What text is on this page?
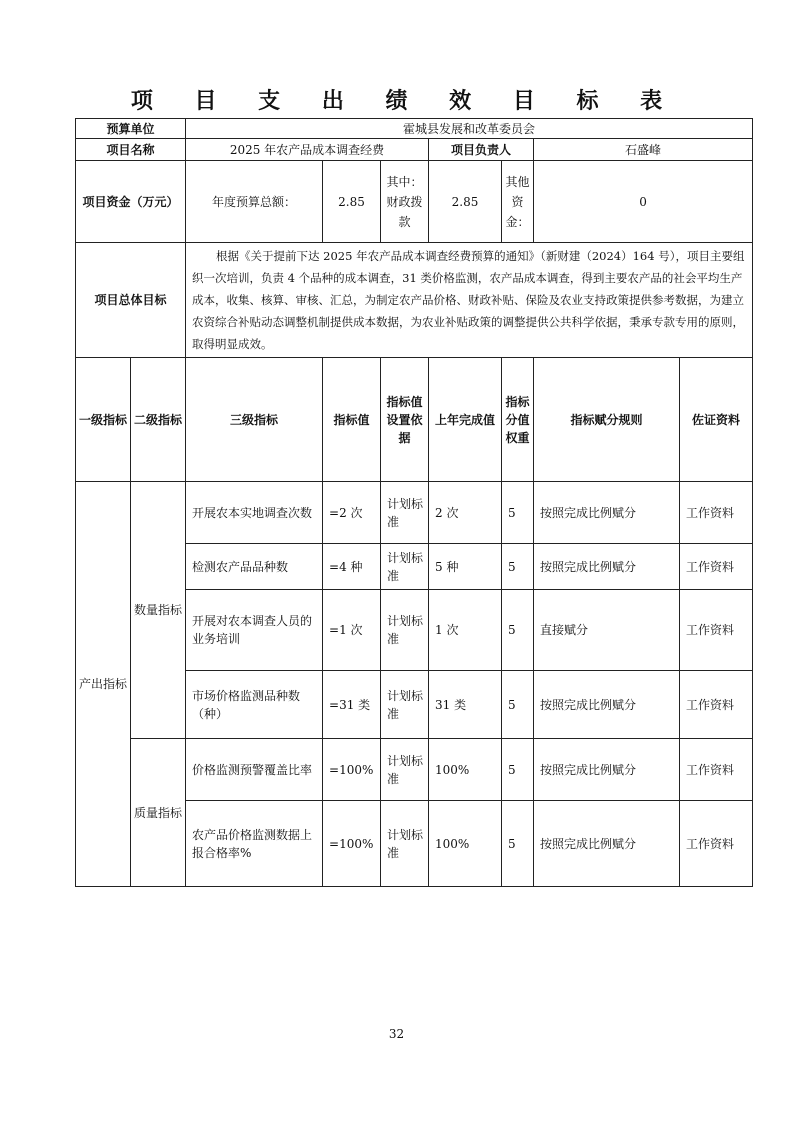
项 目 支 出 绩 效 目 标 表
预算单位		霍城县发展和改革委员会						
项目名称		2025 年农产品成本调查经费			项目负责人		石盛峰	
项目资金（万元）		年度预算总额：	2.85	其中：财政拨款	2.85	其他资金：	0	
项目总体目标		根据《关于提前下达 2025 年农产品成本调查经费预算的通知》（新财建（2024）164 号），项目主要组织一次培训，负责 4 个品种的成本调查，31 类价格监测，农产品成本调查，得到主要农产品的社会平均生产成本，收集、核算、审核、汇总，为制定农产品价格、财政补贴、保险及农业支持政策提供参考数据，为建立农资综合补贴动态调整机制提供成本数据，为农业补贴政策的调整提供公共科学依据，秉承专款专用的原则，取得明显成效。						
一级指标	二级指标	三级指标	指标值	指标值设置依据	上年完成值	指标分值权重	指标赋分规则	佐证资料
产出指标	数量指标	开展农本实地调查次数	=2 次	计划标准	2 次	5	按照完成比例赋分	工作资料
		检测农产品品种数	=4 种	计划标准	5 种	5	按照完成比例赋分	工作资料
		开展对农本调查人员的业务培训	=1 次	计划标准	1 次	5	直接赋分	工作资料
		市场价格监测品种数（种）	=31 类	计划标准	31 类	5	按照完成比例赋分	工作资料
	质量指标	价格监测预警覆盖比率	=100%	计划标准	100%	5	按照完成比例赋分	工作资料
		农产品价格监测数据上报合格率%	=100%	计划标准	100%	5	按照完成比例赋分	工作资料
32
